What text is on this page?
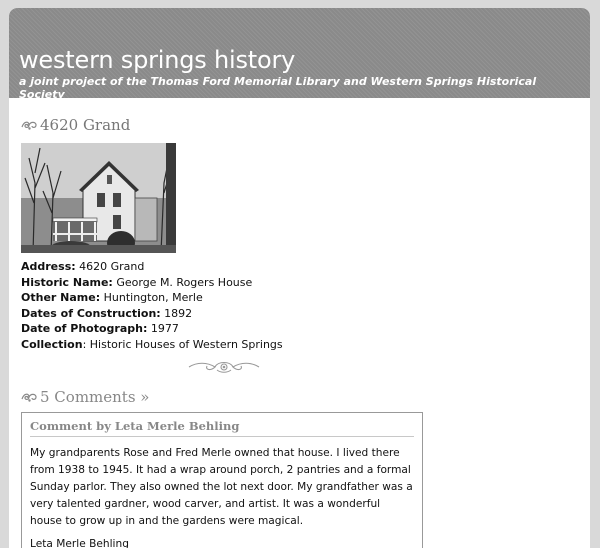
western springs history
a joint project of the Thomas Ford Memorial Library and Western Springs Historical Society
4620 Grand
Address: 4620 Grand
Historic Name: George M. Rogers House
Other Name: Huntington, Merle
Dates of Construction: 1892
Date of Photograph: 1977
Collection: Historic Houses of Western Springs
5 Comments »
Comment by Leta Merle Behling
My grandparents Rose and Fred Merle owned that house. I lived there from 1938 to 1945. It had a wrap around porch, 2 pantries and a formal Sunday parlor. They also owned the lot next door. My grandfather was a very talented gardner, wood carver, and artist. It was a wonderful house to grow up in and the gardens were magical.
Leta Merle Behling
